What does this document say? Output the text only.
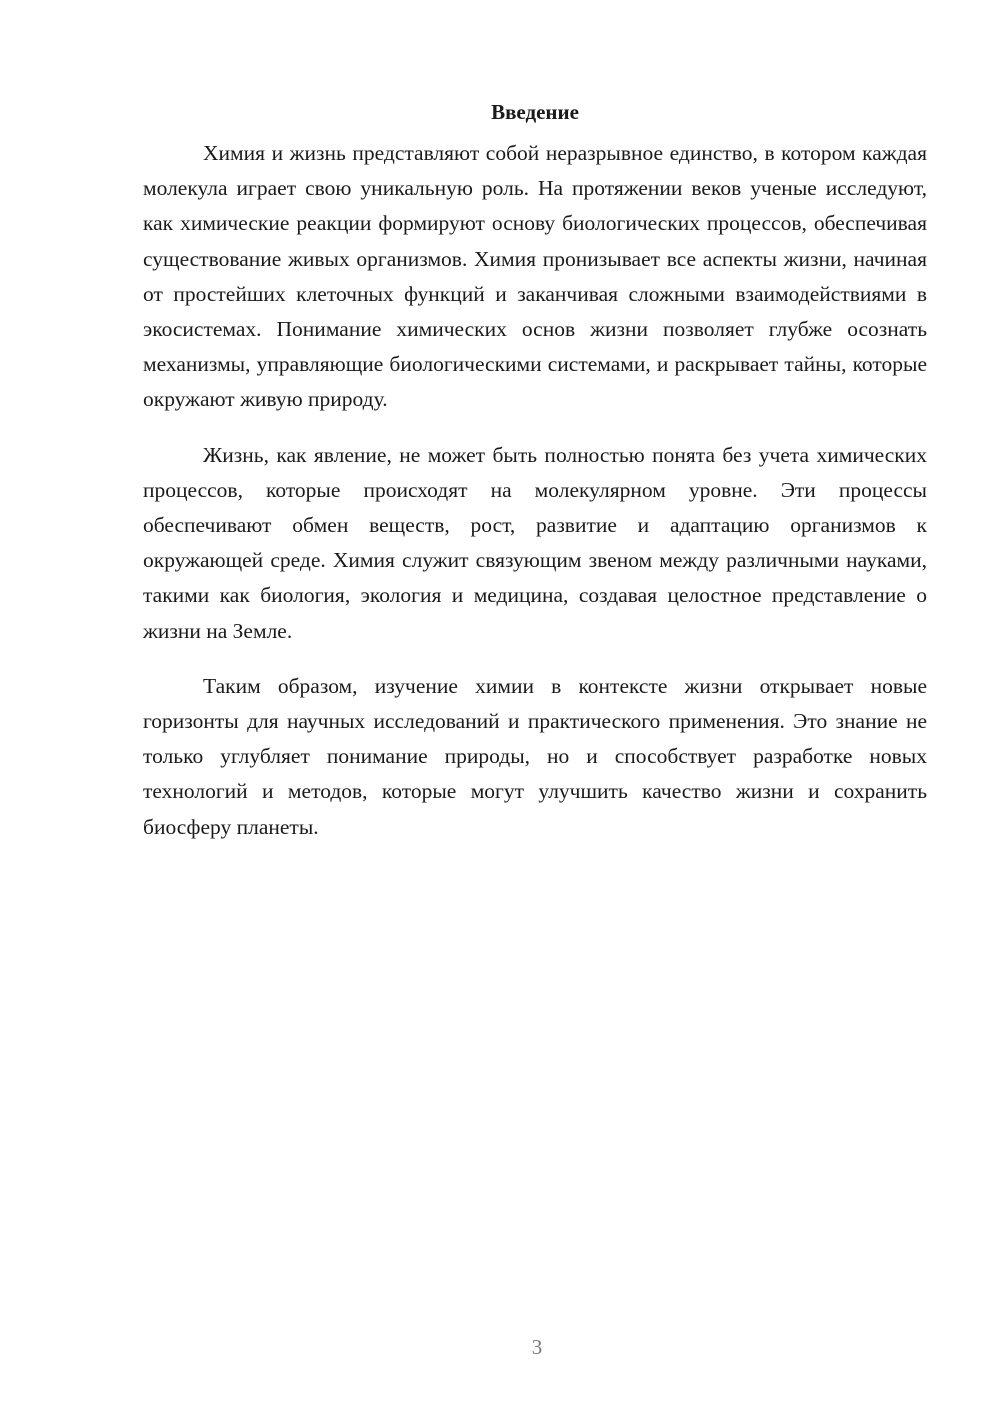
Введение

Химия и жизнь представляют собой неразрывное единство, в котором каждая молекула играет свою уникальную роль. На протяжении веков ученые исследуют, как химические реакции формируют основу биологических процессов, обеспечивая существование живых организмов. Химия пронизывает все аспекты жизни, начиная от простейших клеточных функций и заканчивая сложными взаимодействиями в экосистемах. Понимание химических основ жизни позволяет глубже осознать механизмы, управляющие биологическими системами, и раскрывает тайны, которые окружают живую природу.

Жизнь, как явление, не может быть полностью понята без учета химических процессов, которые происходят на молекулярном уровне. Эти процессы обеспечивают обмен веществ, рост, развитие и адаптацию организмов к окружающей среде. Химия служит связующим звеном между различными науками, такими как биология, экология и медицина, создавая целостное представление о жизни на Земле.

Таким образом, изучение химии в контексте жизни открывает новые горизонты для научных исследований и практического применения. Это знание не только углубляет понимание природы, но и способствует разработке новых технологий и методов, которые могут улучшить качество жизни и сохранить биосферу планеты.

3
